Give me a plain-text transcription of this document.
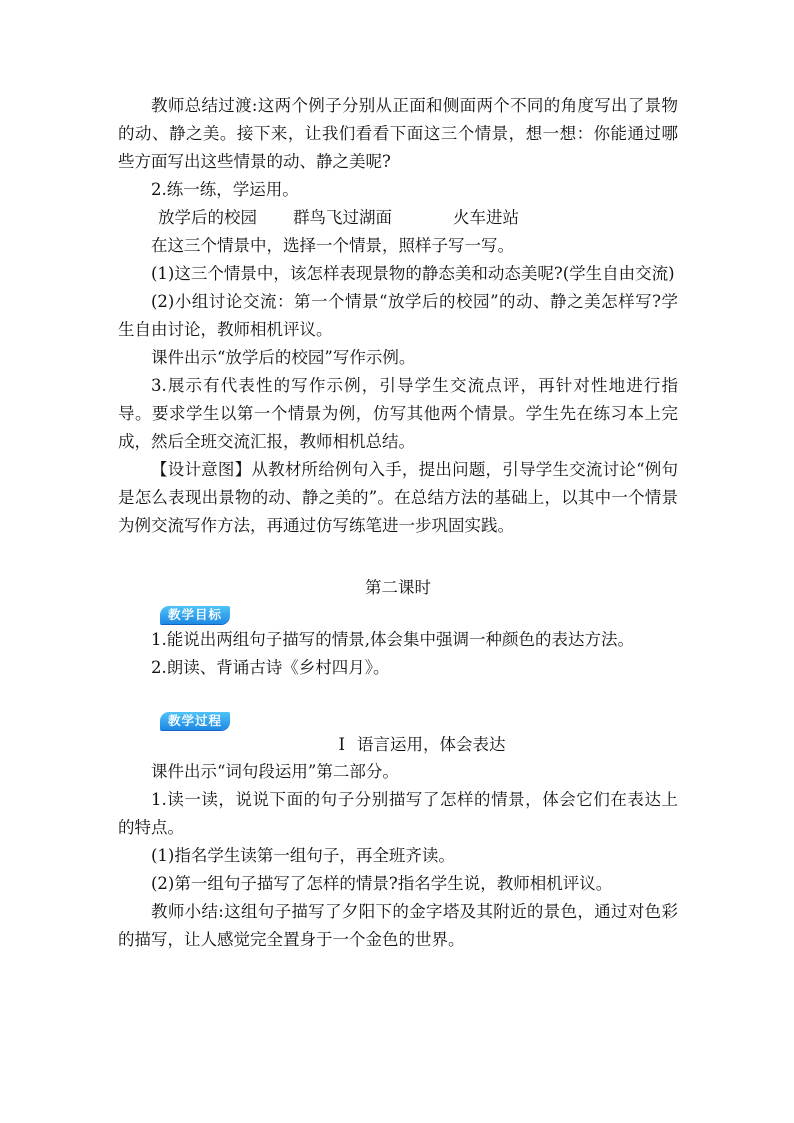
教师总结过渡:这两个例子分别从正面和侧面两个不同的角度写出了景物的动、静之美。接下来，让我们看看下面这三个情景，想一想：你能通过哪些方面写出这些情景的动、静之美呢?

2.练一练，学运用。

放学后的校园	群鸟飞过湖面	火车进站

在这三个情景中，选择一个情景，照样子写一写。

(1)这三个情景中，该怎样表现景物的静态美和动态美呢?(学生自由交流)

(2)小组讨论交流：第一个情景“放学后的校园”的动、静之美怎样写?学生自由讨论，教师相机评议。

课件出示“放学后的校园”写作示例。

3.展示有代表性的写作示例，引导学生交流点评，再针对性地进行指导。要求学生以第一个情景为例，仿写其他两个情景。学生先在练习本上完成，然后全班交流汇报，教师相机总结。

【设计意图】从教材所给例句入手，提出问题，引导学生交流讨论“例句是怎么表现出景物的动、静之美的”。在总结方法的基础上，以其中一个情景为例交流写作方法，再通过仿写练笔进一步巩固实践。

第二课时
教学目标

1.能说出两组句子描写的情景,体会集中强调一种颜色的表达方法。

2.朗读、背诵古诗《乡村四月》。

教学过程
Ⅰ 语言运用，体会表达

课件出示“词句段运用”第二部分。

1.读一读，说说下面的句子分别描写了怎样的情景，体会它们在表达上的特点。

(1)指名学生读第一组句子，再全班齐读。

(2)第一组句子描写了怎样的情景?指名学生说，教师相机评议。

教师小结:这组句子描写了夕阳下的金字塔及其附近的景色，通过对色彩的描写，让人感觉完全置身于一个金色的世界。
